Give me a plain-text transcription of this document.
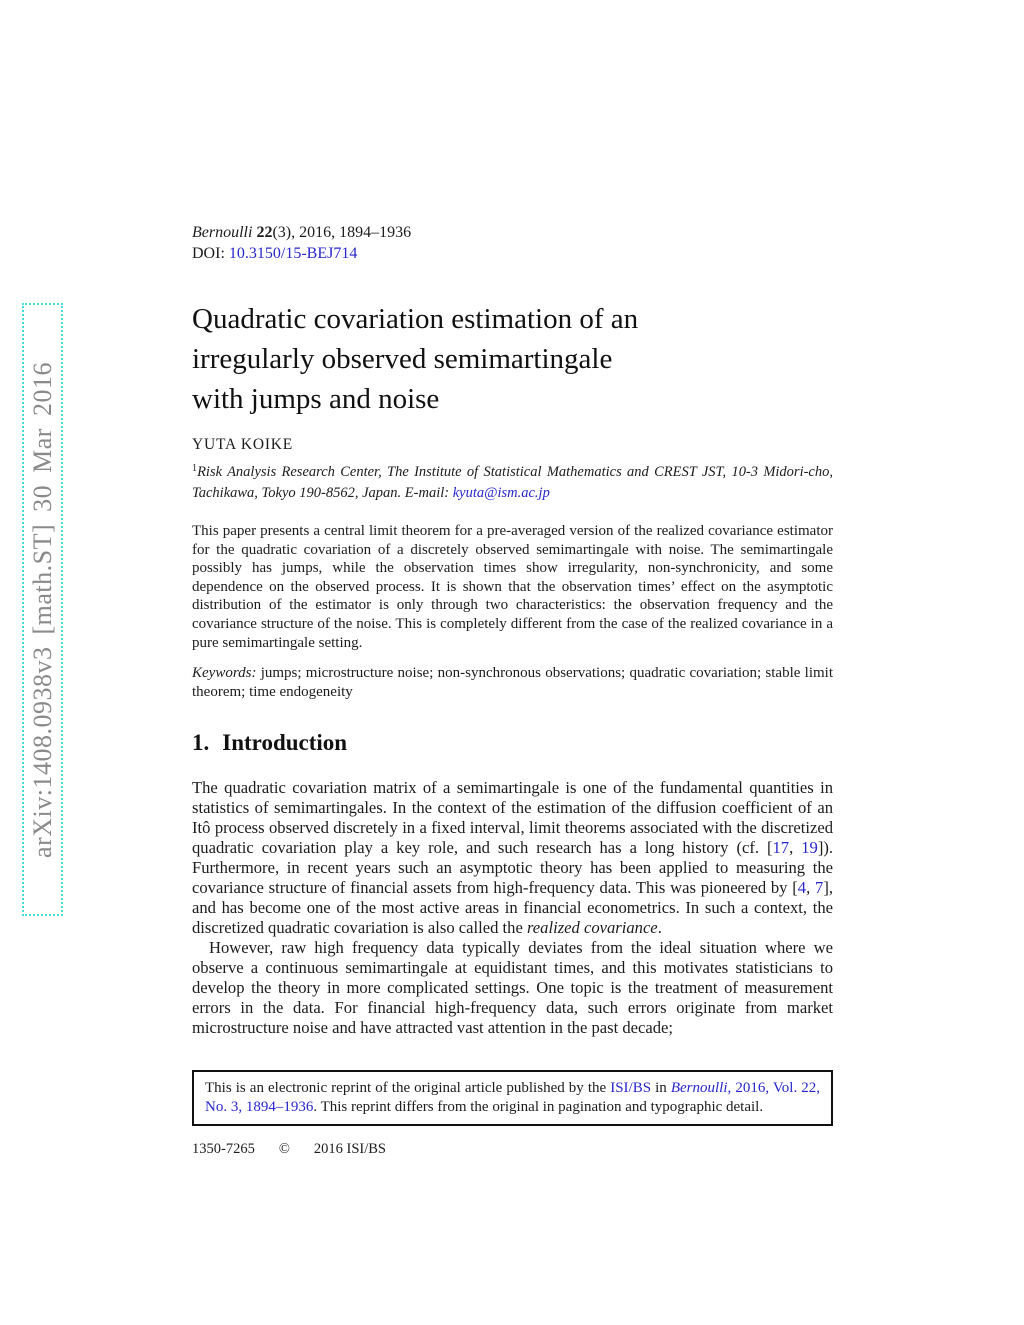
arXiv:1408.0938v3 [math.ST] 30 Mar 2016
Bernoulli 22(3), 2016, 1894–1936
DOI: 10.3150/15-BEJ714
Quadratic covariation estimation of an
irregularly observed semimartingale
with jumps and noise
YUTA KOIKE
$^1$Risk Analysis Research Center, The Institute of Statistical Mathematics and CREST JST, 10-3 Midori-cho, Tachikawa, Tokyo 190-8562, Japan. E-mail: kyuta@ism.ac.jp
This paper presents a central limit theorem for a pre-averaged version of the realized covariance estimator for the quadratic covariation of a discretely observed semimartingale with noise. The semimartingale possibly has jumps, while the observation times show irregularity, non-synchronicity, and some dependence on the observed process. It is shown that the observation times’ effect on the asymptotic distribution of the estimator is only through two characteristics: the observation frequency and the covariance structure of the noise. This is completely different from the case of the realized covariance in a pure semimartingale setting.
Keywords: jumps; microstructure noise; non-synchronous observations; quadratic covariation; stable limit theorem; time endogeneity
1. Introduction
The quadratic covariation matrix of a semimartingale is one of the fundamental quantities in statistics of semimartingales. In the context of the estimation of the diffusion coefficient of an Itô process observed discretely in a fixed interval, limit theorems associated with the discretized quadratic covariation play a key role, and such research has a long history (cf. [17, 19]). Furthermore, in recent years such an asymptotic theory has been applied to measuring the covariance structure of financial assets from high-frequency data. This was pioneered by [4, 7], and has become one of the most active areas in financial econometrics. In such a context, the discretized quadratic covariation is also called the realized covariance.
However, raw high frequency data typically deviates from the ideal situation where we observe a continuous semimartingale at equidistant times, and this motivates statisticians to develop the theory in more complicated settings. One topic is the treatment of measurement errors in the data. For financial high-frequency data, such errors originate from market microstructure noise and have attracted vast attention in the past decade;
This is an electronic reprint of the original article published by the ISI/BS in Bernoulli, 2016, Vol. 22, No. 3, 1894–1936. This reprint differs from the original in pagination and typographic detail.
1350-7265 © 2016 ISI/BS
